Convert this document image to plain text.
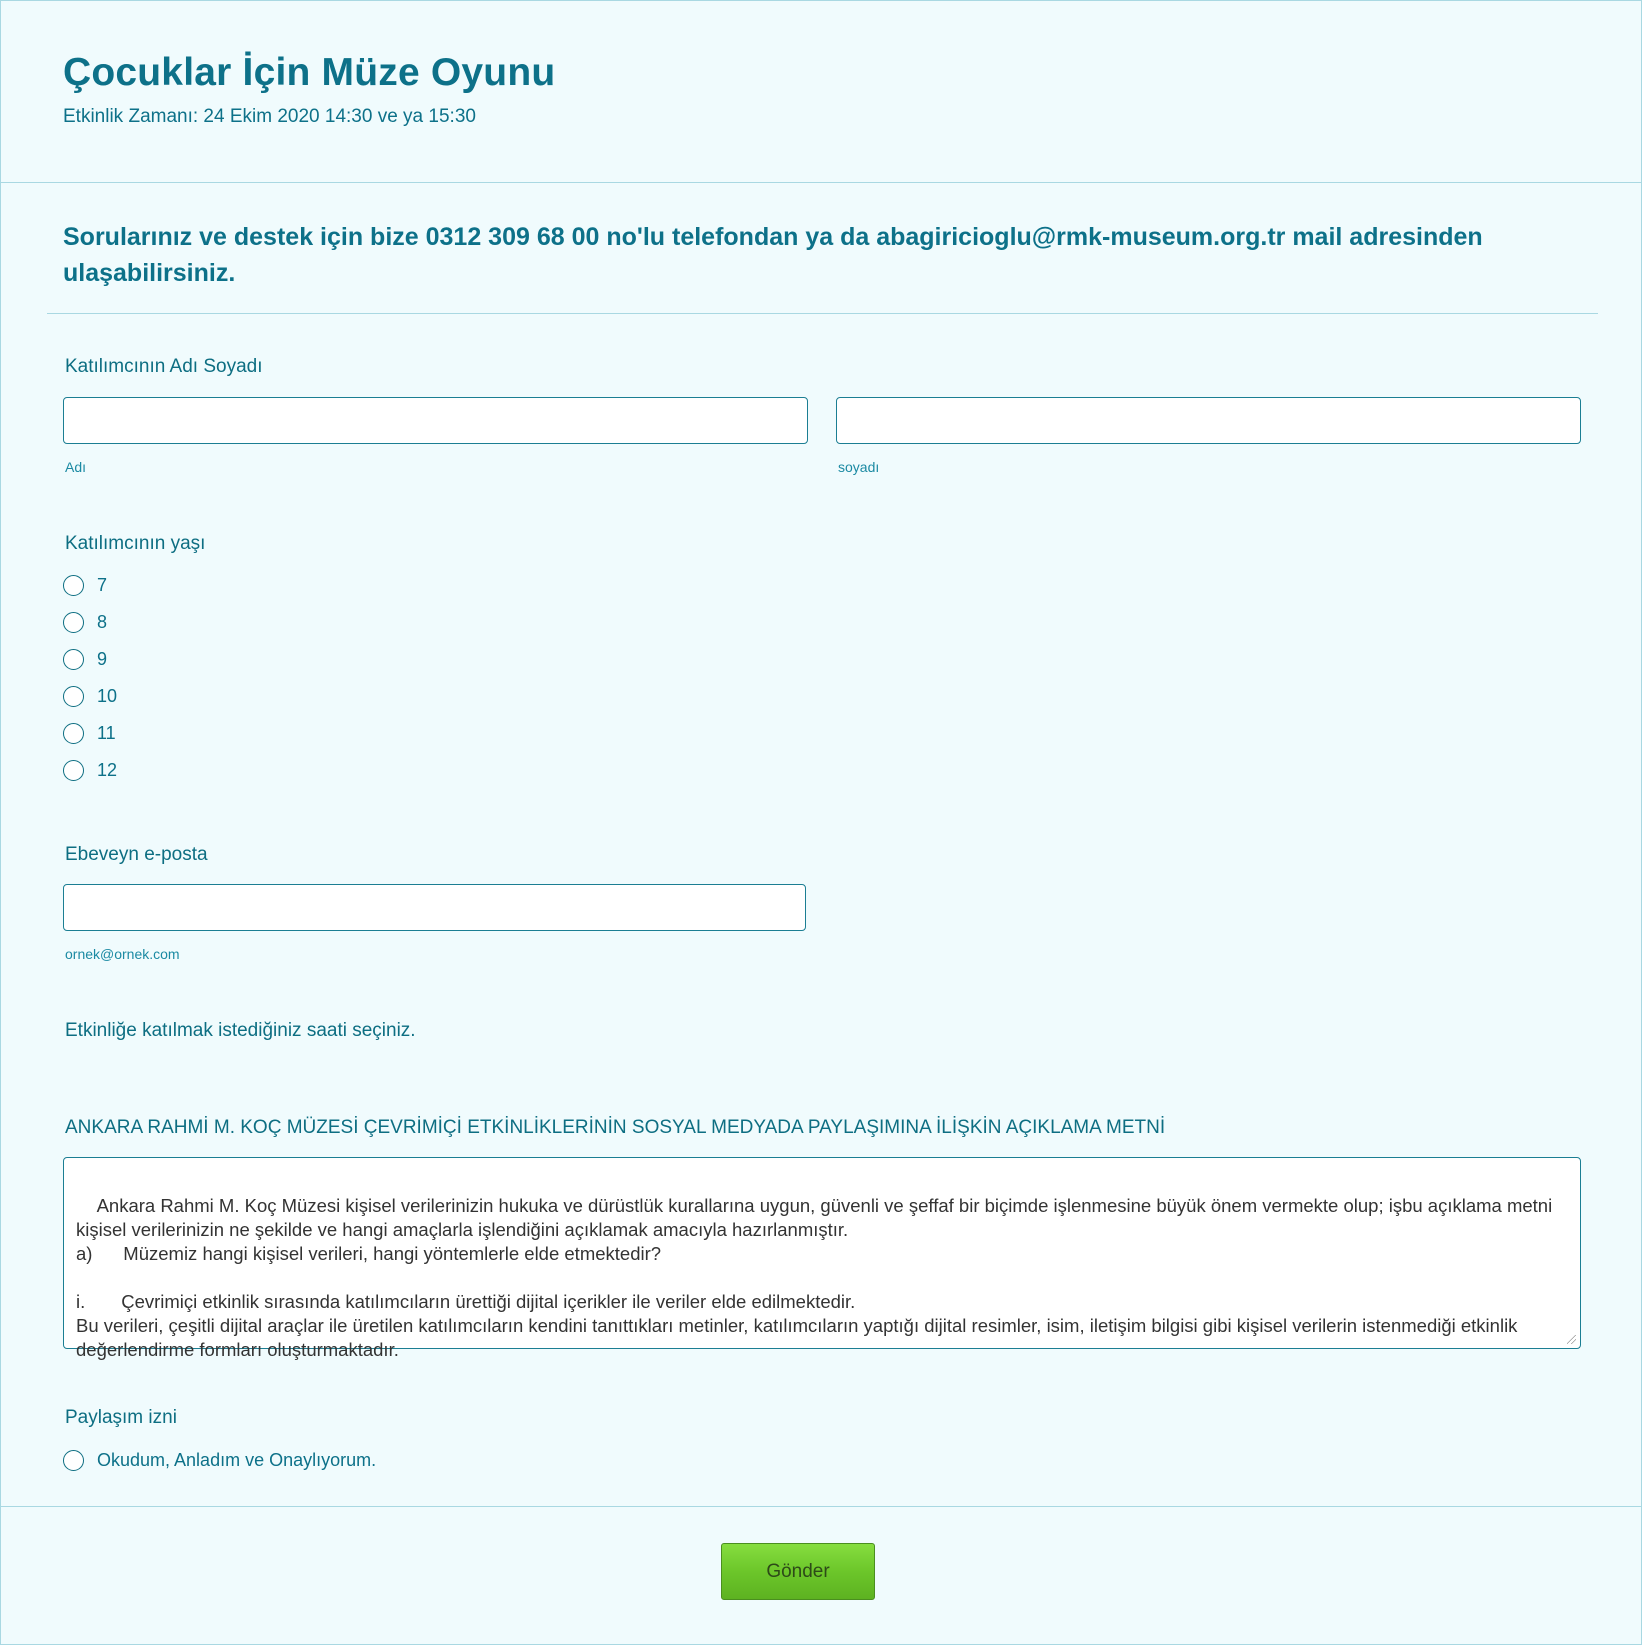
Çocuklar İçin Müze Oyunu
Etkinlik Zamanı: 24 Ekim 2020 14:30 ve ya 15:30
Sorularınız ve destek için bize 0312 309 68 00 no'lu telefondan ya da abagiricioglu@rmk-museum.org.tr mail adresinden ulaşabilirsiniz.
Katılımcının Adı Soyadı
Adı	soyadı
Katılımcının yaşı
7
8
9
10
11
12
Ebeveyn e-posta
ornek@ornek.com
Etkinliğe katılmak istediğiniz saati seçiniz.
ANKARA RAHMİ M. KOÇ MÜZESİ ÇEVRİMİÇİ ETKİNLİKLERİNİN SOSYAL MEDYADA PAYLAŞIMINA İLİŞKİN AÇIKLAMA METNİ

Ankara Rahmi M. Koç Müzesi kişisel verilerinizin hukuka ve dürüstlük kurallarına uygun, güvenli ve şeffaf bir biçimde işlenmesine büyük önem vermekte olup; işbu açıklama metni kişisel verilerinizin ne şekilde ve hangi amaçlarla işlendiğini açıklamak amacıyla hazırlanmıştır.
a)      Müzemiz hangi kişisel verileri, hangi yöntemlerle elde etmektedir?

i.       Çevrimiçi etkinlik sırasında katılımcıların ürettiği dijital içerikler ile veriler elde edilmektedir.
Bu verileri, çeşitli dijital araçlar ile üretilen katılımcıların kendini tanıttıkları metinler, katılımcıların yaptığı dijital resimler, isim, iletişim bilgisi gibi kişisel verilerin istenmediği etkinlik değerlendirme formları oluşturmaktadır.

Paylaşım izni
Okudum, Anladım ve Onaylıyorum.
Gönder
